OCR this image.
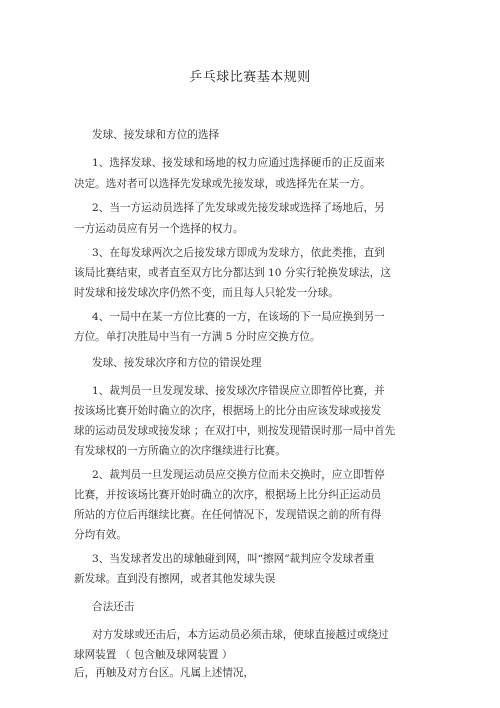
乒乓球比赛基本规则
发球、接发球和方位的选择
1、选择发球、接发球和场地的权力应通过选择硬币的正反面来
决定。选对者可以选择先发球或先接发球，或选择先在某一方。
2、当一方运动员选择了先发球或先接发球或选择了场地后，另
一方运动员应有另一个选择的权力。
3、在每发球两次之后接发球方即成为发球方，依此类推，直到
该局比赛结束，或者直至双方比分都达到 10 分实行轮换发球法，这
时发球和接发球次序仍然不变，而且每人只轮发一分球。
4、一局中在某一方位比赛的一方，在该场的下一局应换到另一
方位。单打决胜局中当有一方满 5 分时应交换方位。
发球、接发球次序和方位的错误处理
1、裁判员一旦发现发球、接发球次序错误应立即暂停比赛，并
按该场比赛开始时确立的次序，根据场上的比分由应该发球或接发
球的运动员发球或接发球 ；在双打中，则按发现错误时那一局中首先
有发球权的一方所确立的次序继续进行比赛。
2、裁判员一旦发现运动员应交换方位而未交换时，应立即暂停
比赛，并按该场比赛开始时确立的次序，根据场上比分纠正运动员
所站的方位后再继续比赛。在任何情况下，发现错误之前的所有得
分均有效。
3、当发球者发出的球触碰到网，叫“擦网”裁判应令发球者重
新发球。直到没有擦网，或者其他发球失误
合法还击
对方发球或还击后，本方运动员必须击球，使球直接越过或绕过
球网装置 （ 包含触及球网装置 ）
后，再触及对方台区。凡属上述情况，
